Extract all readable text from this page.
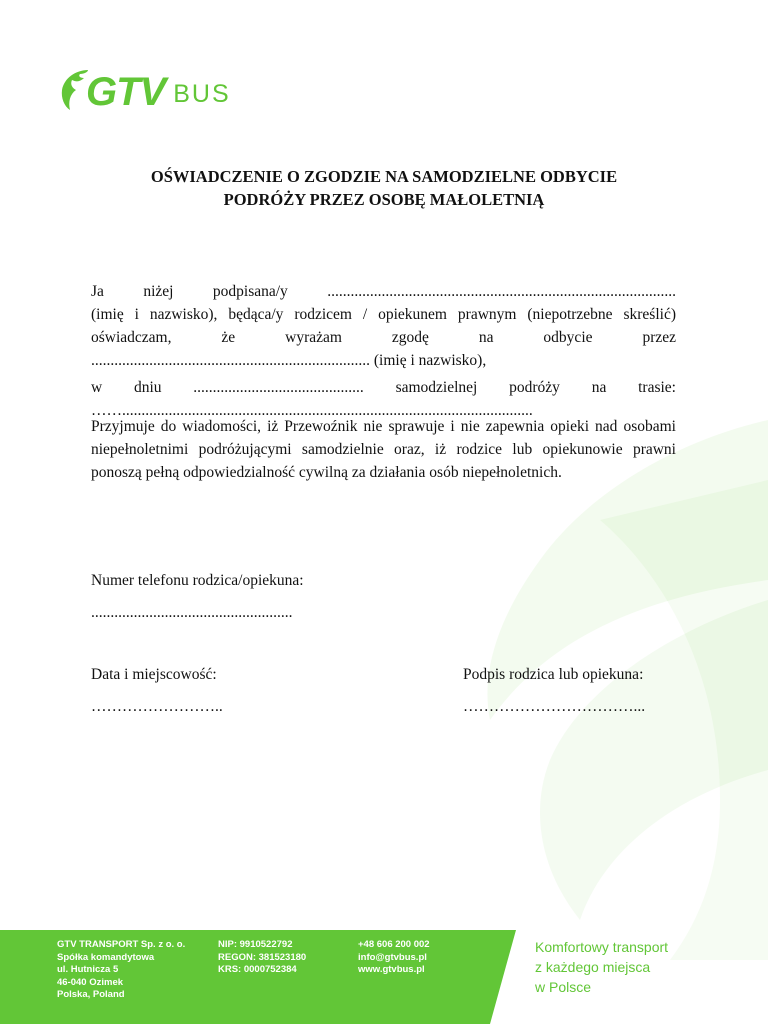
GTV BUS
OŚWIADCZENIE O ZGODZIE NA SAMODZIELNE ODBYCIE
PODRÓŻY PRZEZ OSOBĘ MAŁOLETNIĄ
Ja niżej podpisana/y ..........................................................................................
(imię i nazwisko), będąca/y rodzicem / opiekunem prawnym (niepotrzebne skreślić) oświadczam, że wyrażam zgodę na odbycie przez ........................................................................ (imię i nazwisko),
w dniu ............................................ samodzielnej podróży na trasie:
……..........................................................................................................
Przyjmuje do wiadomości, iż Przewoźnik nie sprawuje i nie zapewnia opieki nad osobami niepełnoletnimi podróżującymi samodzielnie oraz, iż rodzice lub opiekunowie prawni ponoszą pełną odpowiedzialność cywilną za działania osób niepełnoletnich.
Numer telefonu rodzica/opiekuna:
....................................................
Data i miejscowość:
……………………..
Podpis rodzica lub opiekuna:
……………………………...
GTV TRANSPORT Sp. z o. o.
Spółka komandytowa
ul. Hutnicza 5
46-040 Ozimek
Polska, Poland
NIP: 9910522792
REGON: 381523180
KRS: 0000752384
+48 606 200 002
info@gtvbus.pl
www.gtvbus.pl
Komfortowy transport
z każdego miejsca
w Polsce
